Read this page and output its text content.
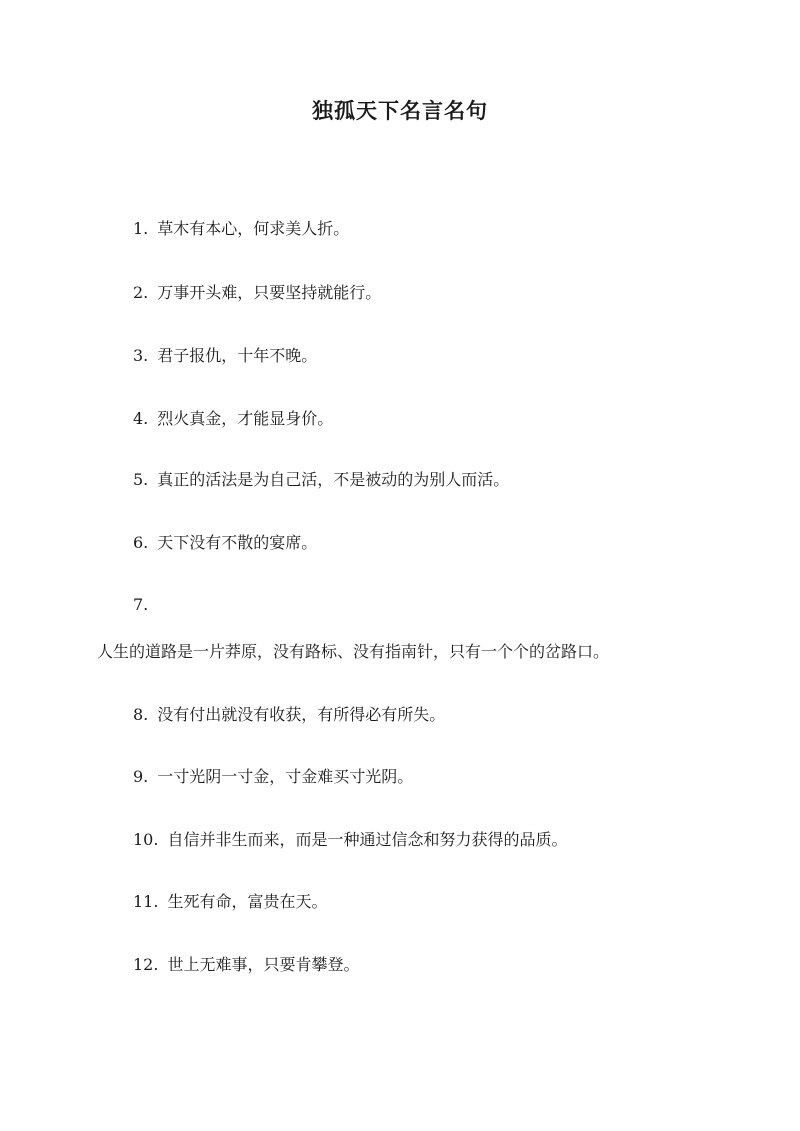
独孤天下名言名句
1. 草木有本心，何求美人折。
2. 万事开头难，只要坚持就能行。
3. 君子报仇，十年不晚。
4. 烈火真金，才能显身价。
5. 真正的活法是为自己活，不是被动的为别人而活。
6. 天下没有不散的宴席。
7.
人生的道路是一片莽原，没有路标、没有指南针，只有一个个的岔路口。
8. 没有付出就没有收获，有所得必有所失。
9. 一寸光阴一寸金，寸金难买寸光阴。
10. 自信并非生而来，而是一种通过信念和努力获得的品质。
11. 生死有命，富贵在天。
12. 世上无难事，只要肯攀登。
